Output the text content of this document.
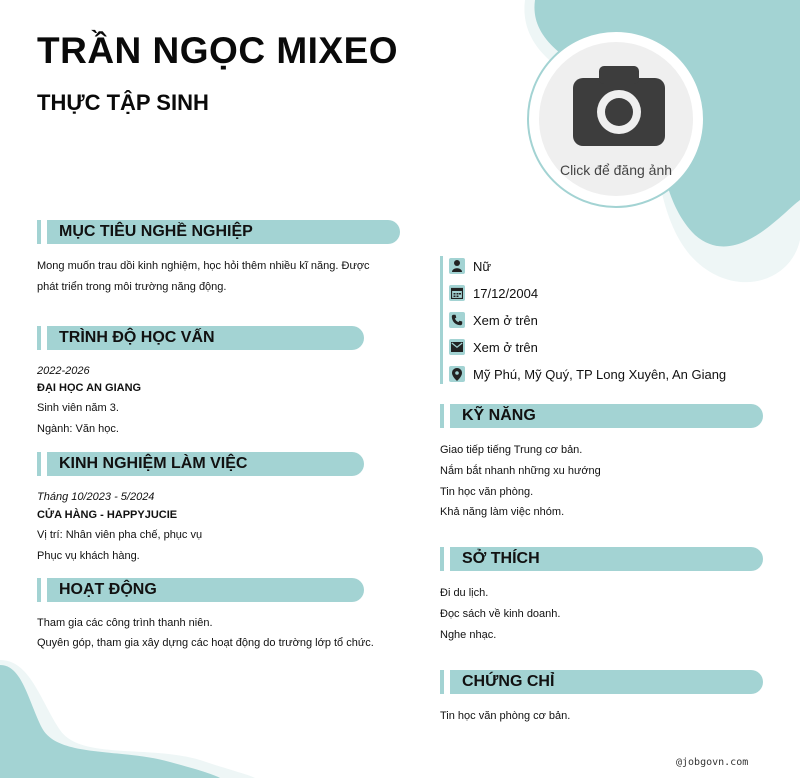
TRẦN NGỌC MIXEO
THỰC TẬP SINH
Click để đăng ảnh
MỤC TIÊU NGHỀ NGHIỆP
Mong muốn trau dồi kinh nghiệm, học hỏi thêm nhiều kĩ năng. Được
phát triển trong môi trường năng động.
TRÌNH ĐỘ HỌC VẤN
2022-2026
ĐẠI HỌC AN GIANG
Sinh viên năm 3.
Ngành: Văn học.
KINH NGHIỆM LÀM VIỆC
Tháng 10/2023 - 5/2024
CỬA HÀNG - HAPPYJUCIE
Vị trí: Nhân viên pha chế, phục vụ
Phục vụ khách hàng.
HOẠT ĐỘNG
Tham gia các công trình thanh niên.
Quyên góp, tham gia xây dựng các hoạt động do trường lớp tổ chức.
Nữ
17/12/2004
Xem ở trên
Xem ở trên
Mỹ Phú, Mỹ Quý, TP Long Xuyên, An Giang
KỸ NĂNG
Giao tiếp tiếng Trung cơ bản.
Nắm bắt nhanh những xu hướng
Tin học văn phòng.
Khả năng làm việc nhóm.
SỞ THÍCH
Đi du lịch.
Đọc sách về kinh doanh.
Nghe nhạc.
CHỨNG CHỈ
Tin học văn phòng cơ bản.
@jobgovn.com
